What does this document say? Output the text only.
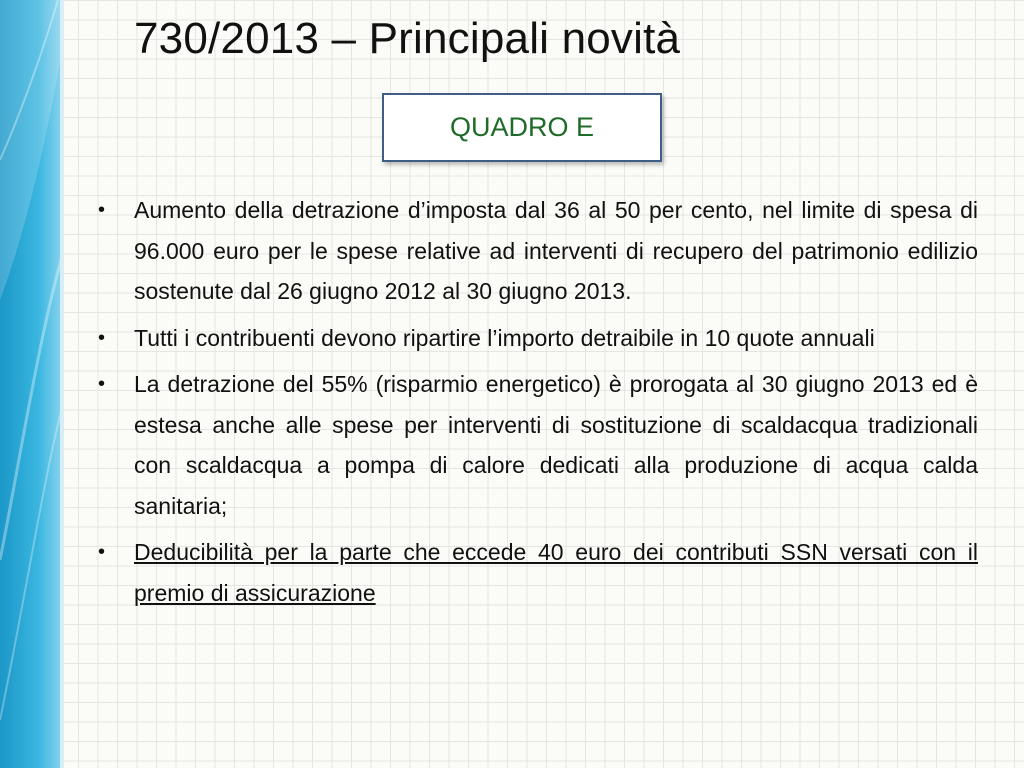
730/2013 – Principali novità
QUADRO E
• Aumento della detrazione d’imposta dal 36 al 50 per cento, nel limite di spesa di 96.000 euro per le spese relative ad interventi di recupero del patrimonio edilizio sostenute dal 26 giugno 2012 al 30 giugno 2013.
• Tutti i contribuenti devono ripartire l’importo detraibile in 10 quote annuali
• La detrazione del 55% (risparmio energetico) è prorogata al 30 giugno 2013 ed è estesa anche alle spese per interventi di sostituzione di scaldacqua tradizionali con scaldacqua a pompa di calore dedicati alla produzione di acqua calda sanitaria;
• Deducibilità per la parte che eccede 40 euro dei contributi SSN versati con il premio di assicurazione
